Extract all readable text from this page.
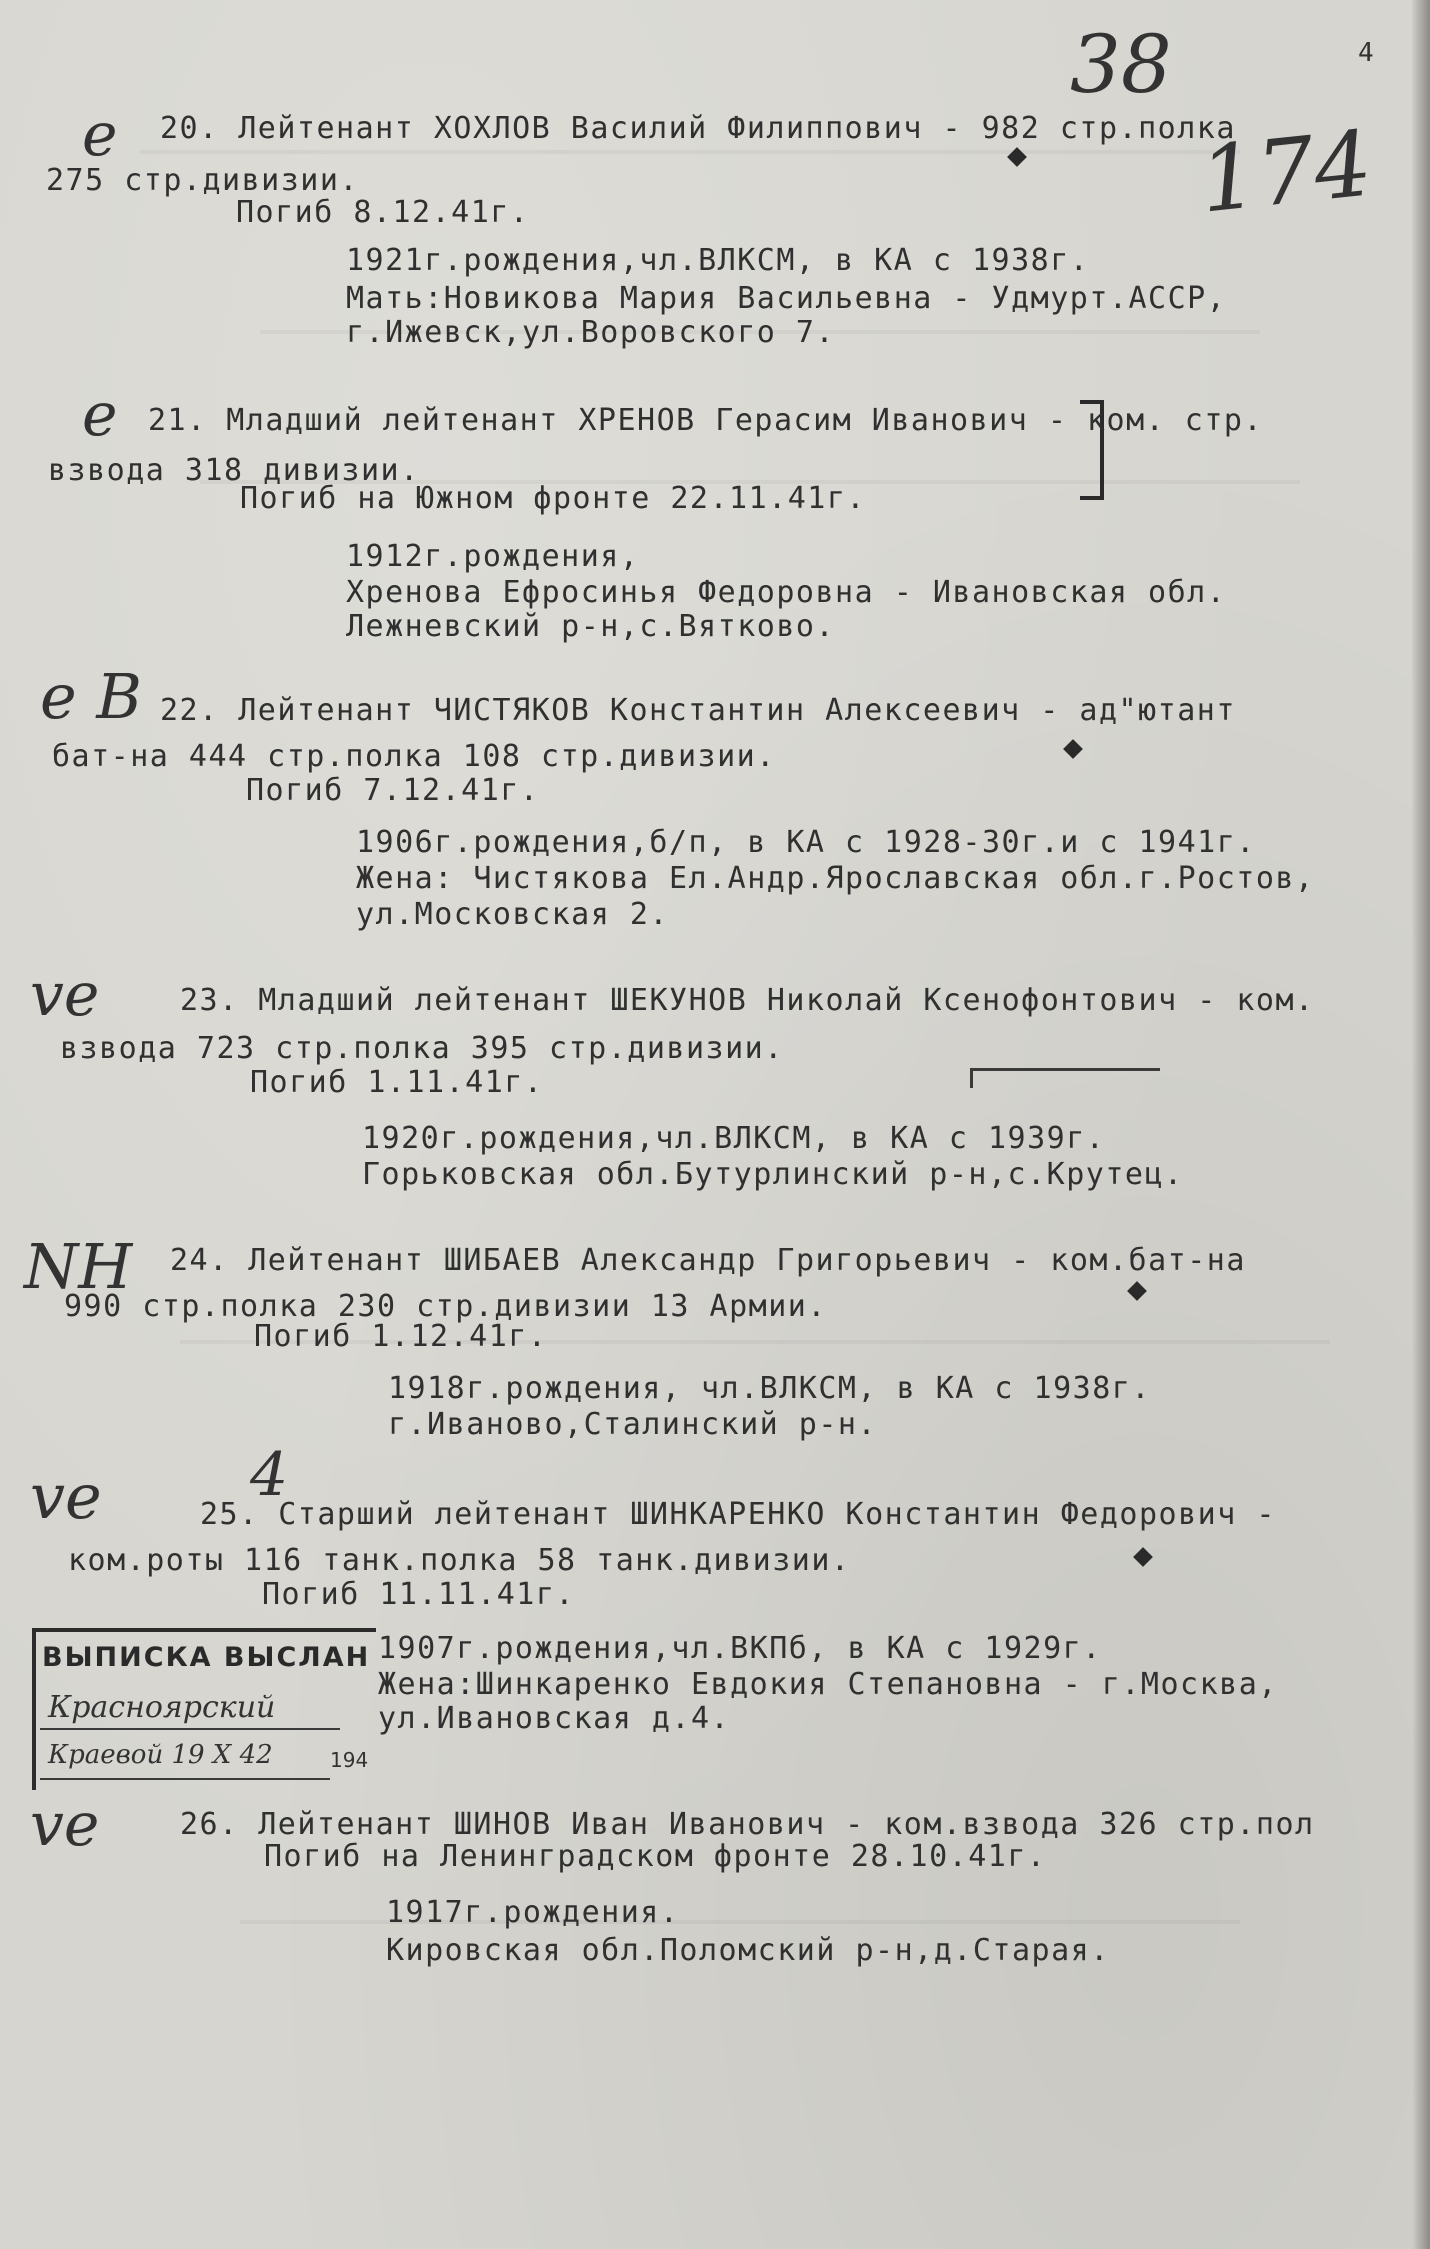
4
38
174
е
е
е В
ve
NH
ve 4
ve
20. Лейтенант ХОХЛОВ Василий Филиппович - 982 стр.полка
275 стр.дивизии.
Погиб 8.12.41г.
1921г.рождения,чл.ВЛКСМ, в КА с 1938г.
Мать:Новикова Мария Васильевна - Удмурт.АССР,
г.Ижевск,ул.Воровского 7.
21. Младший лейтенант ХРЕНОВ Герасим Иванович - ком. стр.
взвода 318 дивизии.
Погиб на Южном фронте 22.11.41г.
1912г.рождения,
Хренова Ефросинья Федоровна - Ивановская обл.
Лежневский р-н,с.Вятково.
22. Лейтенант ЧИСТЯКОВ Константин Алексеевич - ад"ютант
бат-на 444 стр.полка 108 стр.дивизии.
Погиб 7.12.41г.
1906г.рождения,б/п, в КА с 1928-30г.и с 1941г.
Жена: Чистякова Ел.Андр.Ярославская обл.г.Ростов,
ул.Московская 2.
23. Младший лейтенант ШЕКУНОВ Николай Ксенофонтович - ком.
взвода 723 стр.полка 395 стр.дивизии.
Погиб 1.11.41г.
1920г.рождения,чл.ВЛКСМ, в КА с 1939г.
Горьковская обл.Бутурлинский р-н,с.Крутец.
24. Лейтенант ШИБАЕВ Александр Григорьевич - ком.бат-на
990 стр.полка 230 стр.дивизии 13 Армии.
Погиб 1.12.41г.
1918г.рождения, чл.ВЛКСМ, в КА с 1938г.
г.Иваново,Сталинский р-н.
25. Старший лейтенант ШИНКАРЕНКО Константин Федорович -
ком.роты 116 танк.полка 58 танк.дивизии.
Погиб 11.11.41г.
1907г.рождения,чл.ВКПб, в КА с 1929г.
Жена:Шинкаренко Евдокия Степановна - г.Москва,
ул.Ивановская д.4.
26. Лейтенант ШИНОВ Иван Иванович - ком.взвода 326 стр.пол
Погиб на Ленинградском фронте 28.10.41г.
1917г.рождения.
Кировская обл.Поломский р-н,д.Старая.
ВЫПИСКА ВЫСЛАН
Красноярский
Краевой 19 X 42	194
